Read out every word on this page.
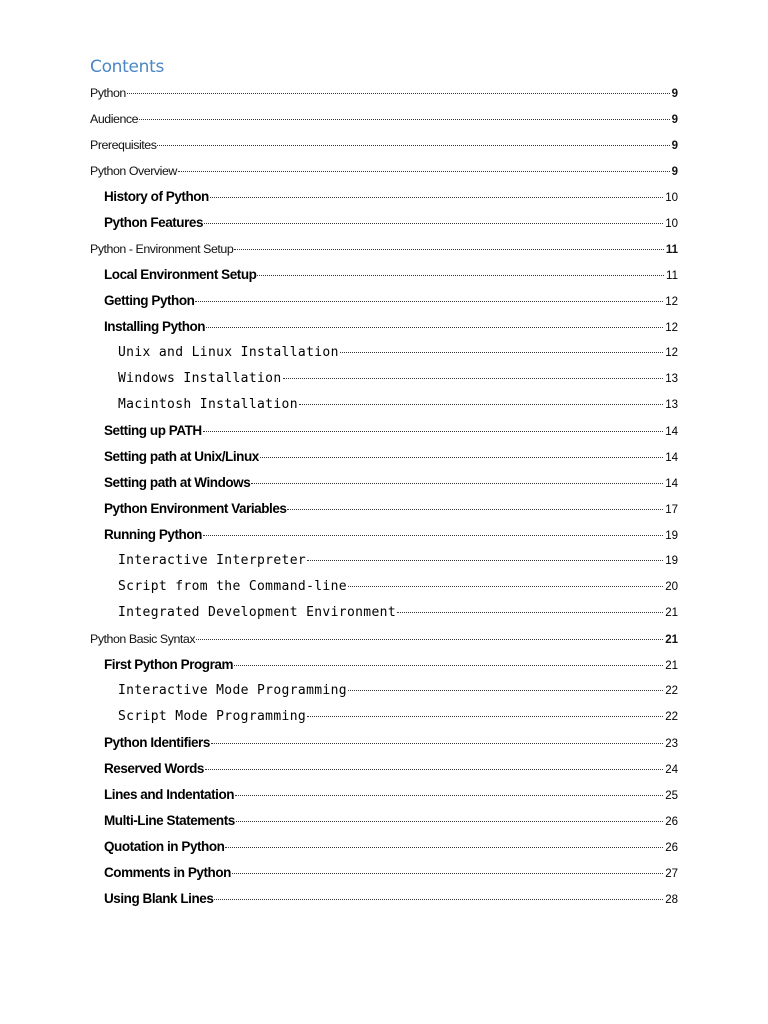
Contents
Python	9
Audience	9
Prerequisites	9
Python Overview	9
History of Python	10
Python Features	10
Python - Environment Setup	11
Local Environment Setup	11
Getting Python	12
Installing Python	12
Unix and Linux Installation	12
Windows Installation	13
Macintosh Installation	13
Setting up PATH	14
Setting path at Unix/Linux	14
Setting path at Windows	14
Python Environment Variables	17
Running Python	19
Interactive Interpreter	19
Script from the Command-line	20
Integrated Development Environment	21
Python Basic Syntax	21
First Python Program	21
Interactive Mode Programming	22
Script Mode Programming	22
Python Identifiers	23
Reserved Words	24
Lines and Indentation	25
Multi-Line Statements	26
Quotation in Python	26
Comments in Python	27
Using Blank Lines	28
